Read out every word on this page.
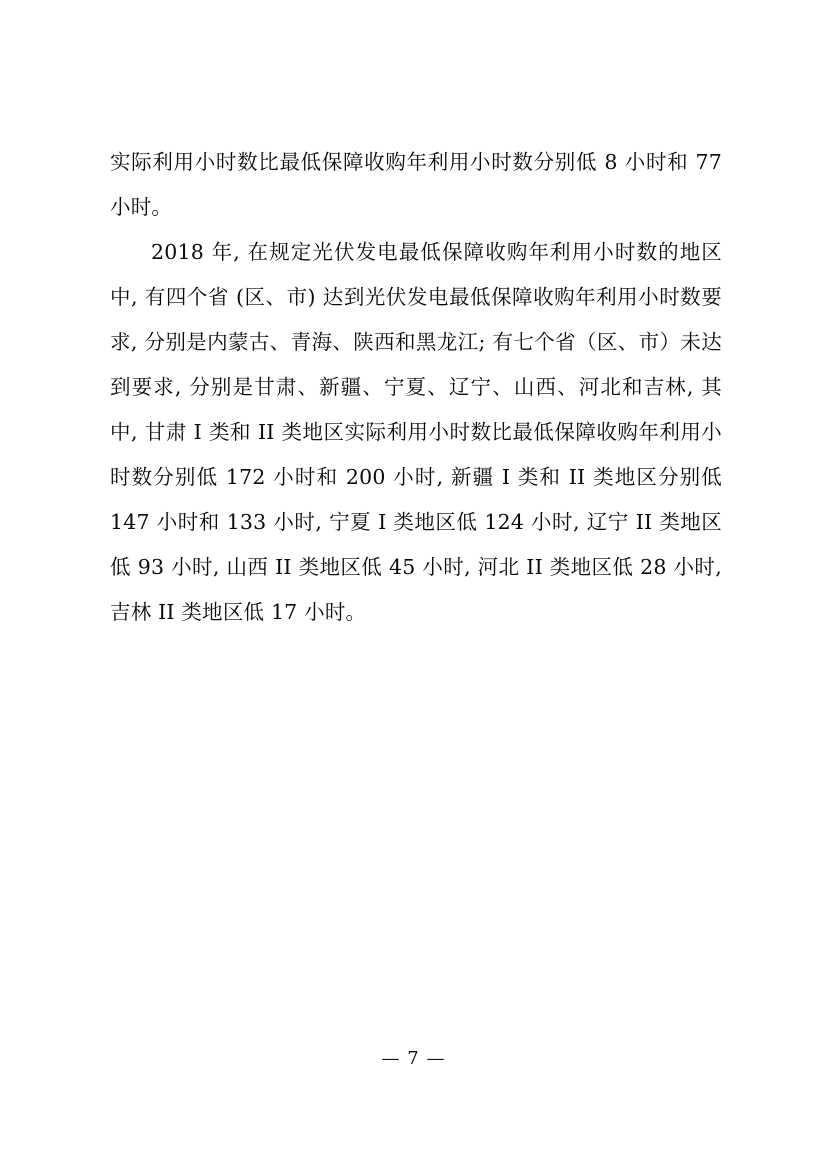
实际利用小时数比最低保障收购年利用小时数分别低 8 小时和 77 小时。

2018 年, 在规定光伏发电最低保障收购年利用小时数的地区中, 有四个省 (区、市) 达到光伏发电最低保障收购年利用小时数要求, 分别是内蒙古、青海、陕西和黑龙江; 有七个省（区、市）未达到要求, 分别是甘肃、新疆、宁夏、辽宁、山西、河北和吉林, 其中, 甘肃 I 类和 II 类地区实际利用小时数比最低保障收购年利用小时数分别低 172 小时和 200 小时, 新疆 I 类和 II 类地区分别低 147 小时和 133 小时, 宁夏 I 类地区低 124 小时, 辽宁 II 类地区低 93 小时, 山西 II 类地区低 45 小时, 河北 II 类地区低 28 小时, 吉林 II 类地区低 17 小时。

— 7 —
